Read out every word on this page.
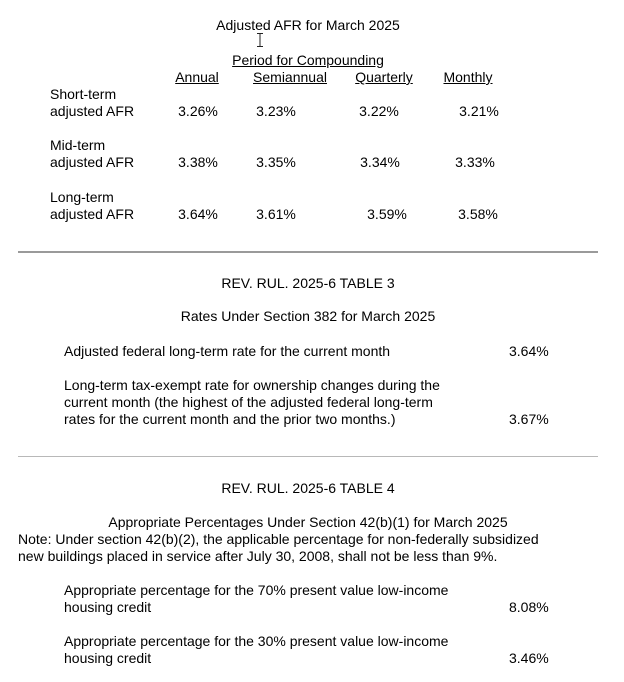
Adjusted AFR for March 2025
Period for Compounding
Annual Semiannual Quarterly Monthly
Short-term
adjusted AFR	3.26%	3.23%	3.22%	3.21%
Mid-term
adjusted AFR	3.38%	3.35%	3.34%	3.33%
Long-term
adjusted AFR	3.64%	3.61%	3.59%	3.58%
REV. RUL. 2025-6 TABLE 3
Rates Under Section 382 for March 2025
Adjusted federal long-term rate for the current month	3.64%
Long-term tax-exempt rate for ownership changes during the
current month (the highest of the adjusted federal long-term
rates for the current month and the prior two months.)	3.67%
REV. RUL. 2025-6 TABLE 4
Appropriate Percentages Under Section 42(b)(1) for March 2025
Note: Under section 42(b)(2), the applicable percentage for non-federally subsidized
new buildings placed in service after July 30, 2008, shall not be less than 9%.
Appropriate percentage for the 70% present value low-income
housing credit	8.08%
Appropriate percentage for the 30% present value low-income
housing credit	3.46%
